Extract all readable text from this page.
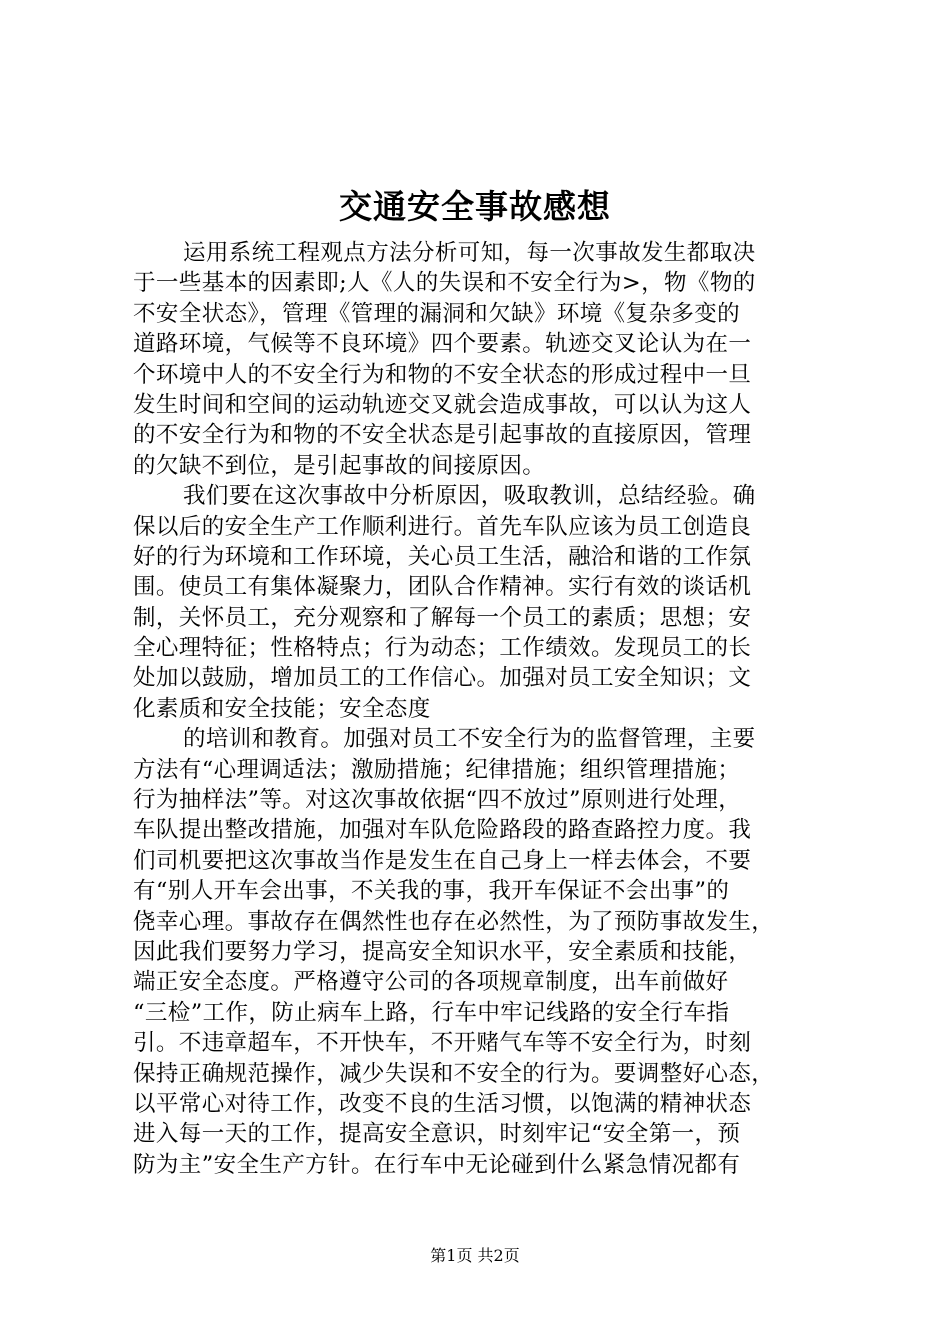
交通安全事故感想
运用系统工程观点方法分析可知，每一次事故发生都取决
于一些基本的因素即;人《人的失误和不安全行为>，物《物的
不安全状态》，管理《管理的漏洞和欠缺》环境《复杂多变的
道路环境，气候等不良环境》四个要素。轨迹交叉论认为在一
个环境中人的不安全行为和物的不安全状态的形成过程中一旦
发生时间和空间的运动轨迹交叉就会造成事故，可以认为这人
的不安全行为和物的不安全状态是引起事故的直接原因，管理
的欠缺不到位，是引起事故的间接原因。
我们要在这次事故中分析原因，吸取教训，总结经验。确
保以后的安全生产工作顺利进行。首先车队应该为员工创造良
好的行为环境和工作环境，关心员工生活，融洽和谐的工作氛
围。使员工有集体凝聚力，团队合作精神。实行有效的谈话机
制，关怀员工，充分观察和了解每一个员工的素质；思想；安
全心理特征；性格特点；行为动态；工作绩效。发现员工的长
处加以鼓励，增加员工的工作信心。加强对员工安全知识；文
化素质和安全技能；安全态度
的培训和教育。加强对员工不安全行为的监督管理，主要
方法有“心理调适法；激励措施；纪律措施；组织管理措施；
行为抽样法”等。对这次事故依据“四不放过”原则进行处理，
车队提出整改措施，加强对车队危险路段的路查路控力度。我
们司机要把这次事故当作是发生在自己身上一样去体会，不要
有“别人开车会出事，不关我的事，我开车保证不会出事”的
侥幸心理。事故存在偶然性也存在必然性，为了预防事故发生，
因此我们要努力学习，提高安全知识水平，安全素质和技能，
端正安全态度。严格遵守公司的各项规章制度，出车前做好
“三检”工作，防止病车上路，行车中牢记线路的安全行车指
引。不违章超车，不开快车，不开赌气车等不安全行为，时刻
保持正确规范操作，减少失误和不安全的行为。要调整好心态，
以平常心对待工作，改变不良的生活习惯，以饱满的精神状态
进入每一天的工作，提高安全意识，时刻牢记“安全第一，预
防为主”安全生产方针。在行车中无论碰到什么紧急情况都有
第1页 共2页
